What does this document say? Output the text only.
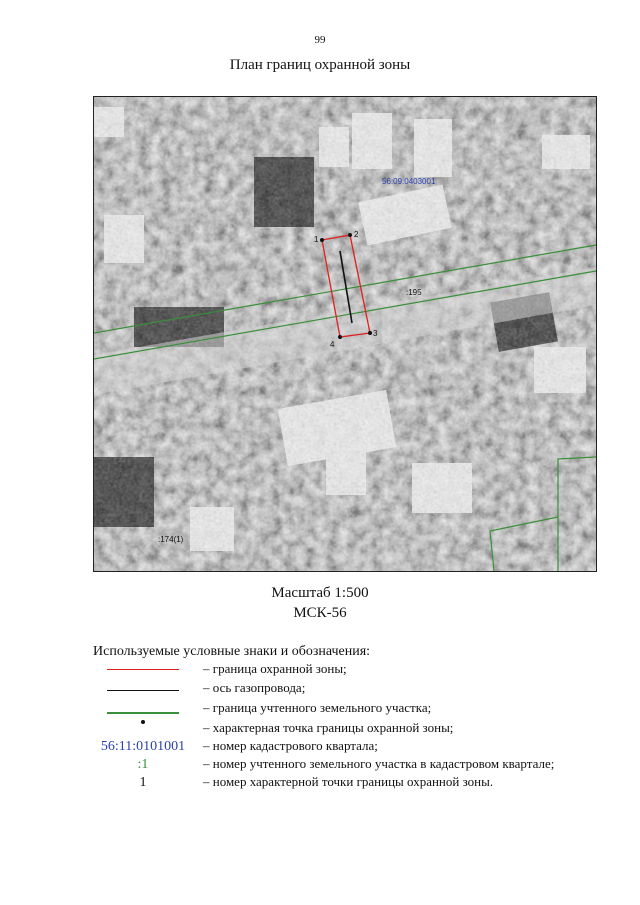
99
План границ охранной зоны
1
2
3
4
56:09:0403001
:195
:174(1)
Масштаб 1:500
МСК-56
Используемые условные знаки и обозначения:
– граница охранной зоны;
– ось газопровода;
– граница учтенного земельного участка;
– характерная точка границы охранной зоны;
56:11:0101001	– номер кадастрового квартала;
:1	– номер учтенного земельного участка в кадастровом квартале;
1	– номер характерной точки границы охранной зоны.
